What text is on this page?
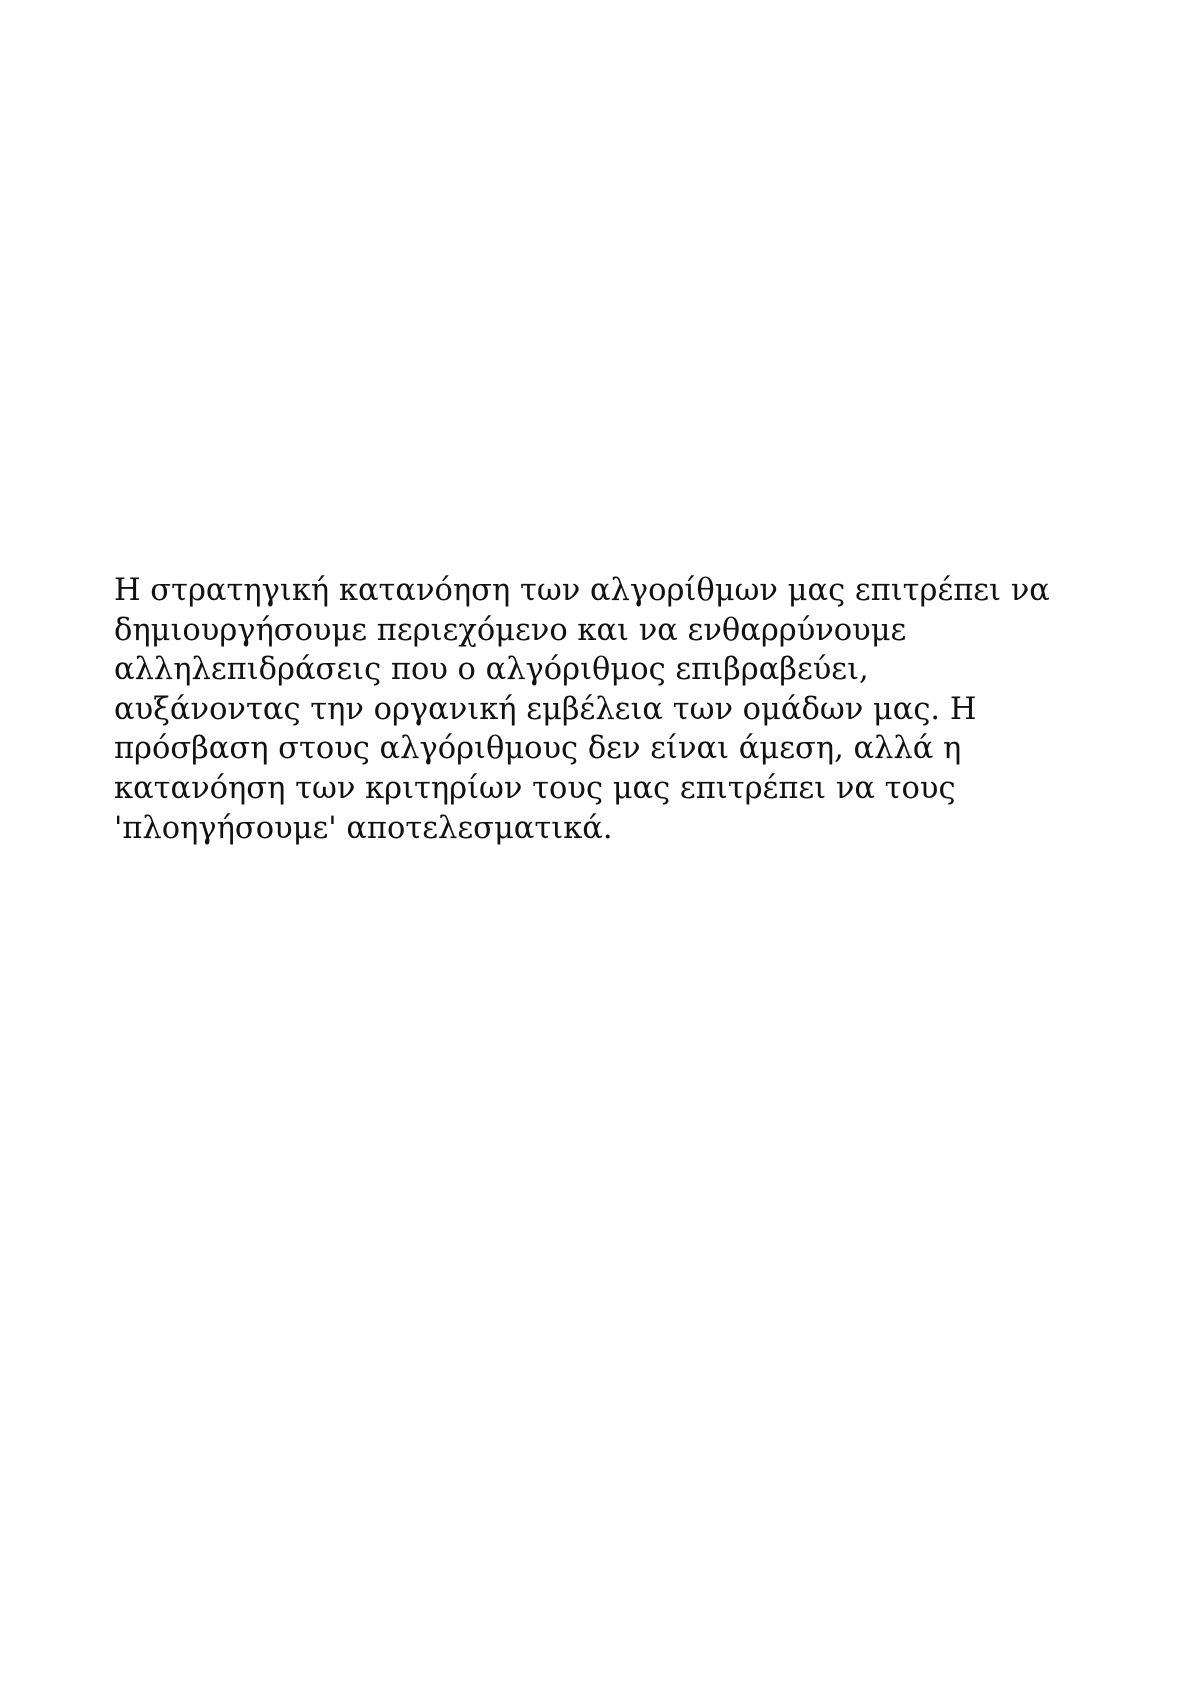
Η στρατηγική κατανόηση των αλγορίθμων μας επιτρέπει να
δημιουργήσουμε περιεχόμενο και να ενθαρρύνουμε
αλληλεπιδράσεις που ο αλγόριθμος επιβραβεύει,
αυξάνοντας την οργανική εμβέλεια των ομάδων μας. Η
πρόσβαση στους αλγόριθμους δεν είναι άμεση, αλλά η
κατανόηση των κριτηρίων τους μας επιτρέπει να τους
'πλοηγήσουμε' αποτελεσματικά.
